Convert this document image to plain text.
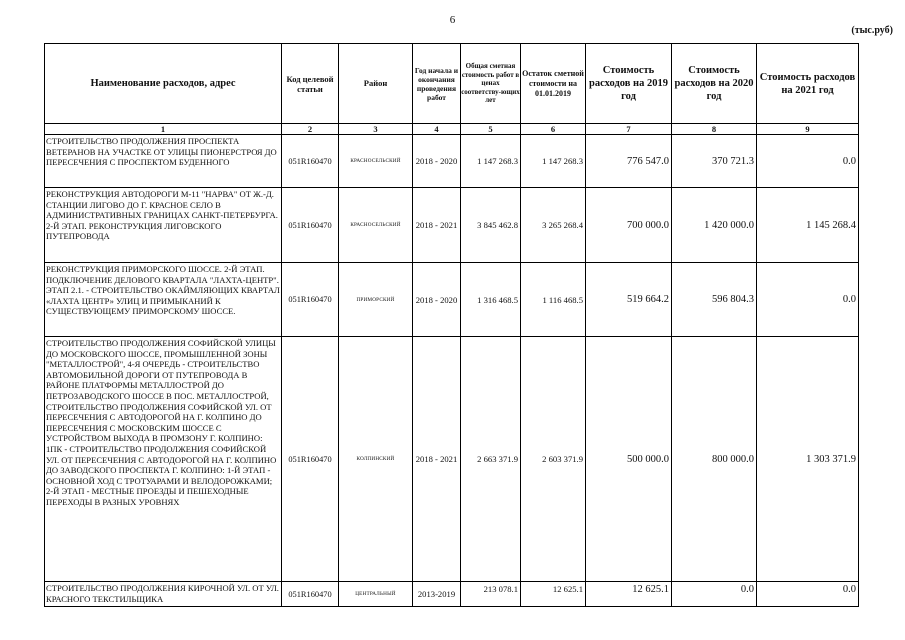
6
(тыс.руб)
Наименование расходов, адрес	Код целевой статьи	Район	Год начала и окончания проведения работ	Общая сметная стоимость работ в ценах соответству-ющих лет	Остаток сметной стоимости на 01.01.2019	Стоимость расходов на 2019 год	Стоимость расходов на 2020 год	Стоимость расходов на 2021 год
1	2	3	4	5	6	7	8	9
СТРОИТЕЛЬСТВО ПРОДОЛЖЕНИЯ ПРОСПЕКТА ВЕТЕРАНОВ НА УЧАСТКЕ ОТ УЛИЦЫ ПИОНЕРСТРОЯ ДО ПЕРЕСЕЧЕНИЯ С ПРОСПЕКТОМ БУДЕННОГО	051R160470	КРАСНОСЕЛЬСКИЙ	2018 - 2020	1 147 268.3	1 147 268.3	776 547.0	370 721.3	0.0
РЕКОНСТРУКЦИЯ АВТОДОРОГИ М-11 "НАРВА" ОТ Ж.-Д. СТАНЦИИ ЛИГОВО ДО Г. КРАСНОЕ СЕЛО В АДМИНИСТРАТИВНЫХ ГРАНИЦАХ САНКТ-ПЕТЕРБУРГА. 2-Й ЭТАП. РЕКОНСТРУКЦИЯ ЛИГОВСКОГО ПУТЕПРОВОДА	051R160470	КРАСНОСЕЛЬСКИЙ	2018 - 2021	3 845 462.8	3 265 268.4	700 000.0	1 420 000.0	1 145 268.4
РЕКОНСТРУКЦИЯ ПРИМОРСКОГО ШОССЕ. 2-Й ЭТАП. ПОДКЛЮЧЕНИЕ ДЕЛОВОГО КВАРТАЛА "ЛАХТА-ЦЕНТР". ЭТАП 2.1. - СТРОИТЕЛЬСТВО ОКАЙМЛЯЮЩИХ КВАРТАЛ «ЛАХТА ЦЕНТР» УЛИЦ И ПРИМЫКАНИЙ К СУЩЕСТВУЮЩЕМУ ПРИМОРСКОМУ ШОССЕ.	051R160470	ПРИМОРСКИЙ	2018 - 2020	1 316 468.5	1 116 468.5	519 664.2	596 804.3	0.0
СТРОИТЕЛЬСТВО ПРОДОЛЖЕНИЯ СОФИЙСКОЙ УЛИЦЫ ДО МОСКОВСКОГО ШОССЕ, ПРОМЫШЛЕННОЙ ЗОНЫ "МЕТАЛЛОСТРОЙ", 4-Я ОЧЕРЕДЬ - СТРОИТЕЛЬСТВО АВТОМОБИЛЬНОЙ ДОРОГИ ОТ ПУТЕПРОВОДА В РАЙОНЕ ПЛАТФОРМЫ МЕТАЛЛОСТРОЙ ДО ПЕТРОЗАВОДСКОГО ШОССЕ В ПОС. МЕТАЛЛОСТРОЙ, СТРОИТЕЛЬСТВО ПРОДОЛЖЕНИЯ СОФИЙСКОЙ УЛ. ОТ ПЕРЕСЕЧЕНИЯ С АВТОДОРОГОЙ НА Г. КОЛПИНО ДО ПЕРЕСЕЧЕНИЯ С МОСКОВСКИМ ШОССЕ С УСТРОЙСТВОМ ВЫХОДА В ПРОМЗОНУ Г. КОЛПИНО: 1ПК - СТРОИТЕЛЬСТВО ПРОДОЛЖЕНИЯ СОФИЙСКОЙ УЛ. ОТ ПЕРЕСЕЧЕНИЯ С АВТОДОРОГОЙ НА Г. КОЛПИНО ДО ЗАВОДСКОГО ПРОСПЕКТА Г. КОЛПИНО: 1-Й ЭТАП - ОСНОВНОЙ ХОД С ТРОТУАРАМИ И ВЕЛОДОРОЖКАМИ; 2-Й ЭТАП - МЕСТНЫЕ ПРОЕЗДЫ И ПЕШЕХОДНЫЕ ПЕРЕХОДЫ В РАЗНЫХ УРОВНЯХ	051R160470	КОЛПИНСКИЙ	2018 - 2021	2 663 371.9	2 603 371.9	500 000.0	800 000.0	1 303 371.9
СТРОИТЕЛЬСТВО ПРОДОЛЖЕНИЯ КИРОЧНОЙ УЛ. ОТ УЛ. КРАСНОГО ТЕКСТИЛЬЩИКА	051R160470	ЦЕНТРАЛЬНЫЙ	2013-2019	213 078.1	12 625.1	12 625.1	0.0	0.0
